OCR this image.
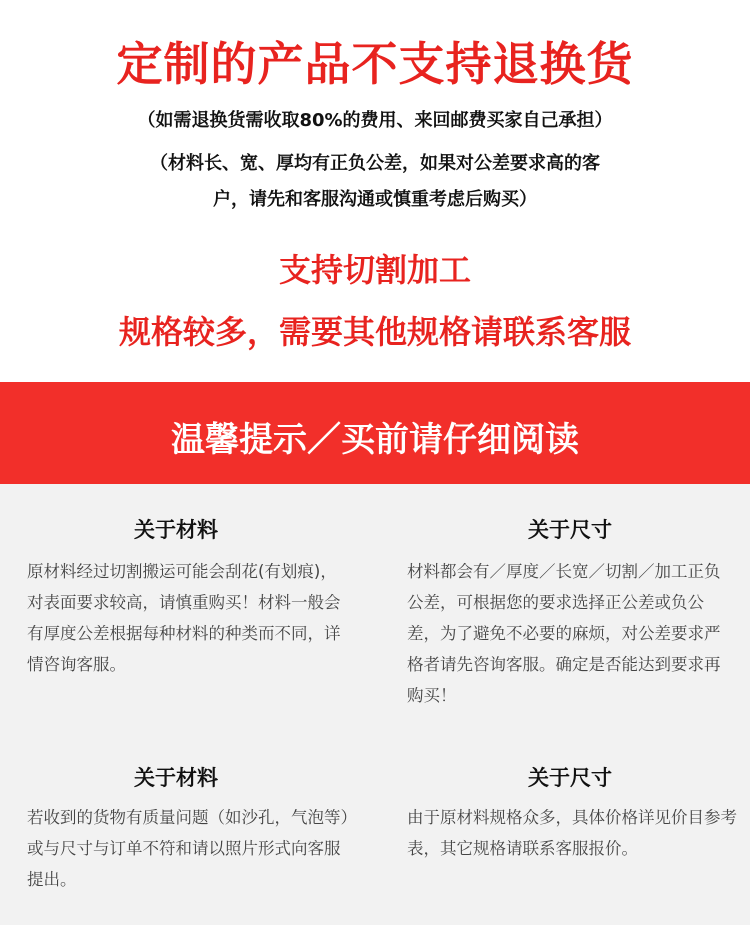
定制的产品不支持退换货
（如需退换货需收取80%的费用、来回邮费买家自己承担）
（材料长、宽、厚均有正负公差，如果对公差要求高的客
户，请先和客服沟通或慎重考虑后购买）
支持切割加工
规格较多，需要其他规格请联系客服
温馨提示／买前请仔细阅读
关于材料
原材料经过切割搬运可能会刮花(有划痕)，对表面要求较高，请慎重购买！材料一般会有厚度公差根据每种材料的种类而不同，详情咨询客服。
关于尺寸
材料都会有／厚度／长宽／切割／加工正负公差，可根据您的要求选择正公差或负公差，为了避免不必要的麻烦，对公差要求严格者请先咨询客服。确定是否能达到要求再购买！
关于材料
若收到的货物有质量问题（如沙孔，气泡等）或与尺寸与订单不符和请以照片形式向客服提出。
关于尺寸
由于原材料规格众多，具体价格详见价目参考表，其它规格请联系客服报价。
